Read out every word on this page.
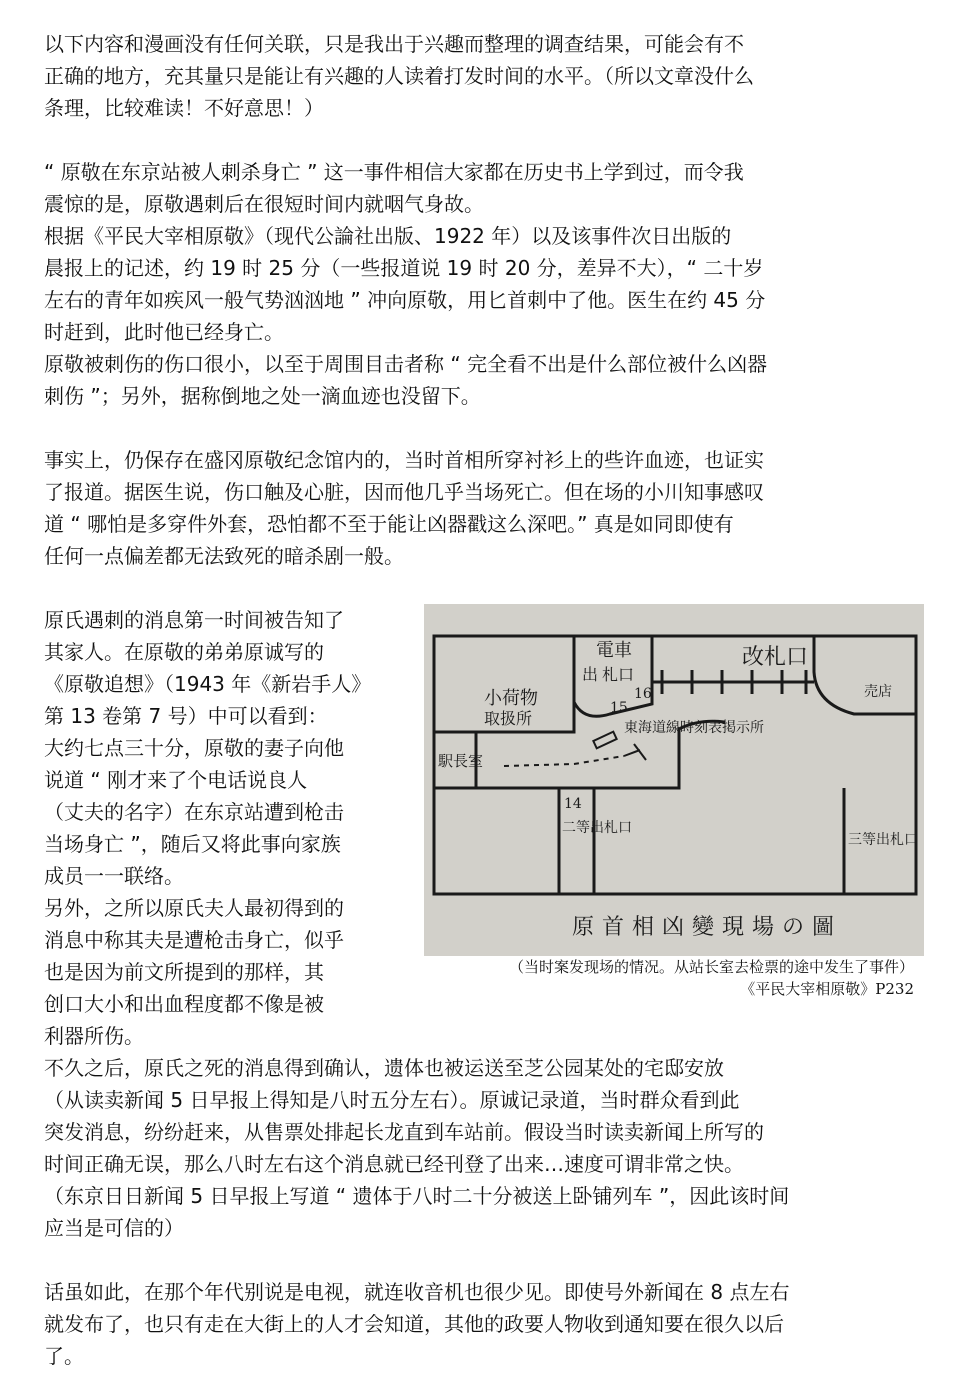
以下内容和漫画没有任何关联，只是我出于兴趣而整理的调查结果，可能会有不
正确的地方，充其量只是能让有兴趣的人读着打发时间的水平。（所以文章没什么
条理，比较难读！不好意思！）
“ 原敬在东京站被人刺杀身亡 ” 这一事件相信大家都在历史书上学到过，而令我
震惊的是，原敬遇刺后在很短时间内就咽气身故。
根据《平民大宰相原敬》（现代公論社出版、1922 年）以及该事件次日出版的
晨报上的记述，约 19 时 25 分（一些报道说 19 时 20 分，差异不大），“ 二十岁
左右的青年如疾风一般气势汹汹地 ” 冲向原敬，用匕首刺中了他。医生在约 45 分
时赶到，此时他已经身亡。
原敬被刺伤的伤口很小，以至于周围目击者称 “ 完全看不出是什么部位被什么凶器
刺伤 ”；另外，据称倒地之处一滴血迹也没留下。
事实上，仍保存在盛冈原敬纪念馆内的，当时首相所穿衬衫上的些许血迹，也证实
了报道。据医生说，伤口触及心脏，因而他几乎当场死亡。但在场的小川知事感叹
道 “ 哪怕是多穿件外套，恐怕都不至于能让凶器戳这么深吧。” 真是如同即使有
任何一点偏差都无法致死的暗杀剧一般。
原氏遇刺的消息第一时间被告知了
其家人。在原敬的弟弟原诚写的
《原敬追想》（1943 年《新岩手人》
第 13 卷第 7 号）中可以看到：
大约七点三十分，原敬的妻子向他
说道 “ 刚才来了个电话说良人
（丈夫的名字）在东京站遭到枪击
当场身亡 ”，随后又将此事向家族
成员一一联络。
另外，之所以原氏夫人最初得到的
消息中称其夫是遭枪击身亡，似乎
也是因为前文所提到的那样，其
创口大小和出血程度都不像是被
利器所伤。
改札口
電車
札口
出
小荷物
取扱所
駅長室
東海道線時刻表掲示所
二等出札口
三等出札口
売店
14
15
16
原首相凶變現場の圖
（当时案发现场的情况。从站长室去检票的途中发生了事件）
《平民大宰相原敬》P232
不久之后，原氏之死的消息得到确认，遗体也被运送至芝公园某处的宅邸安放
（从读卖新闻 5 日早报上得知是八时五分左右）。原诚记录道，当时群众看到此
突发消息，纷纷赶来，从售票处排起长龙直到车站前。假设当时读卖新闻上所写的
时间正确无误，那么八时左右这个消息就已经刊登了出来…速度可谓非常之快。
（东京日日新闻 5 日早报上写道 “ 遗体于八时二十分被送上卧铺列车 ”，因此该时间
应当是可信的）
话虽如此，在那个年代别说是电视，就连收音机也很少见。即使号外新闻在 8 点左右
就发布了，也只有走在大街上的人才会知道，其他的政要人物收到通知要在很久以后
了。
